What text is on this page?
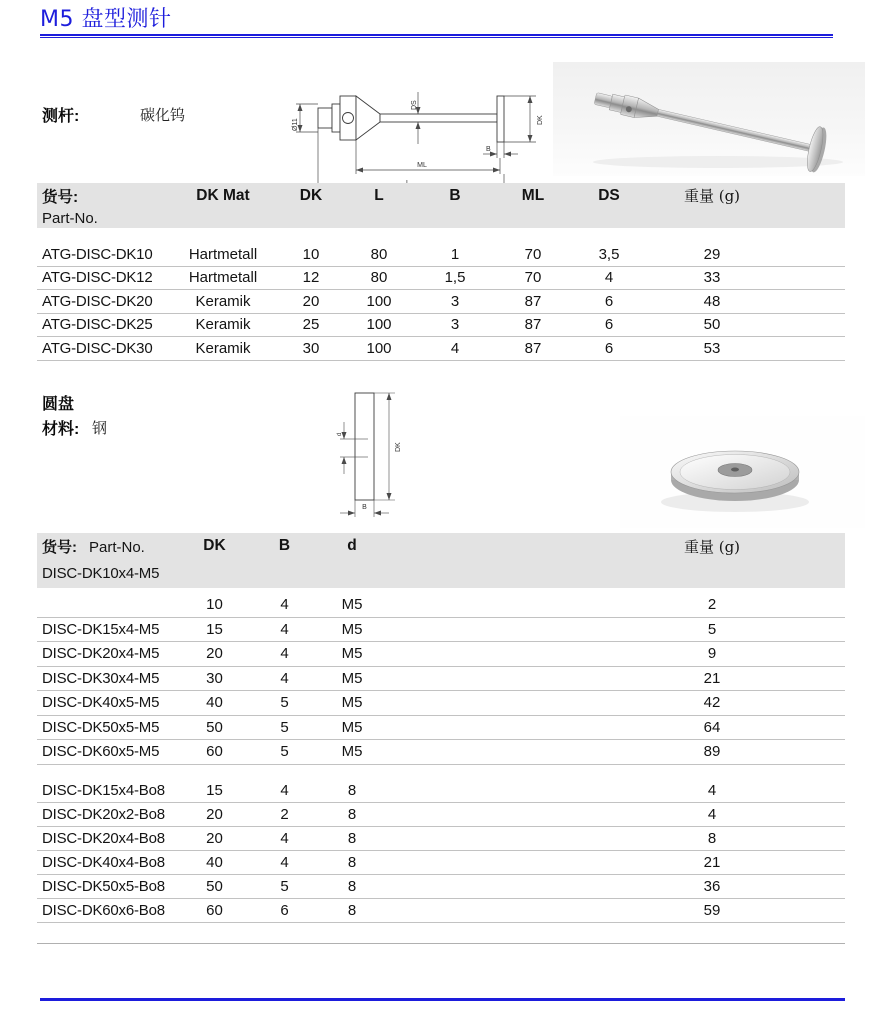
M5 盘型测针
测杆:	碳化钨
Ø11
DS
DK
B
ML
货号:	DK Mat	DK	L	B	ML	DS	重量 (g)	
Part-No.								

ATG-DISC-DK10	Hartmetall	10	80	1	70	3,5	29	
ATG-DISC-DK12	Hartmetall	12	80	1,5	70	4	33	
ATG-DISC-DK20	Keramik	20	100	3	87	6	48	
ATG-DISC-DK25	Keramik	25	100	3	87	6	50	
ATG-DISC-DK30	Keramik	30	100	4	87	6	53	
圆盘
材料: 钢	d
DK
B
货号: Part-No.	DK	B	d		重量 (g)	
DISC-DK10x4-M5						

	10	4	M5		2	
DISC-DK15x4-M5	15	4	M5		5	
DISC-DK20x4-M5	20	4	M5		9	
DISC-DK30x4-M5	30	4	M5		21	
DISC-DK40x5-M5	40	5	M5		42	
DISC-DK50x5-M5	50	5	M5		64	
DISC-DK60x5-M5	60	5	M5		89	

DISC-DK15x4-Bo8	15	4	8		4	
DISC-DK20x2-Bo8	20	2	8		4	
DISC-DK20x4-Bo8	20	4	8		8	
DISC-DK40x4-Bo8	40	4	8		21	
DISC-DK50x5-Bo8	50	5	8		36	
DISC-DK60x6-Bo8	60	6	8		59	
